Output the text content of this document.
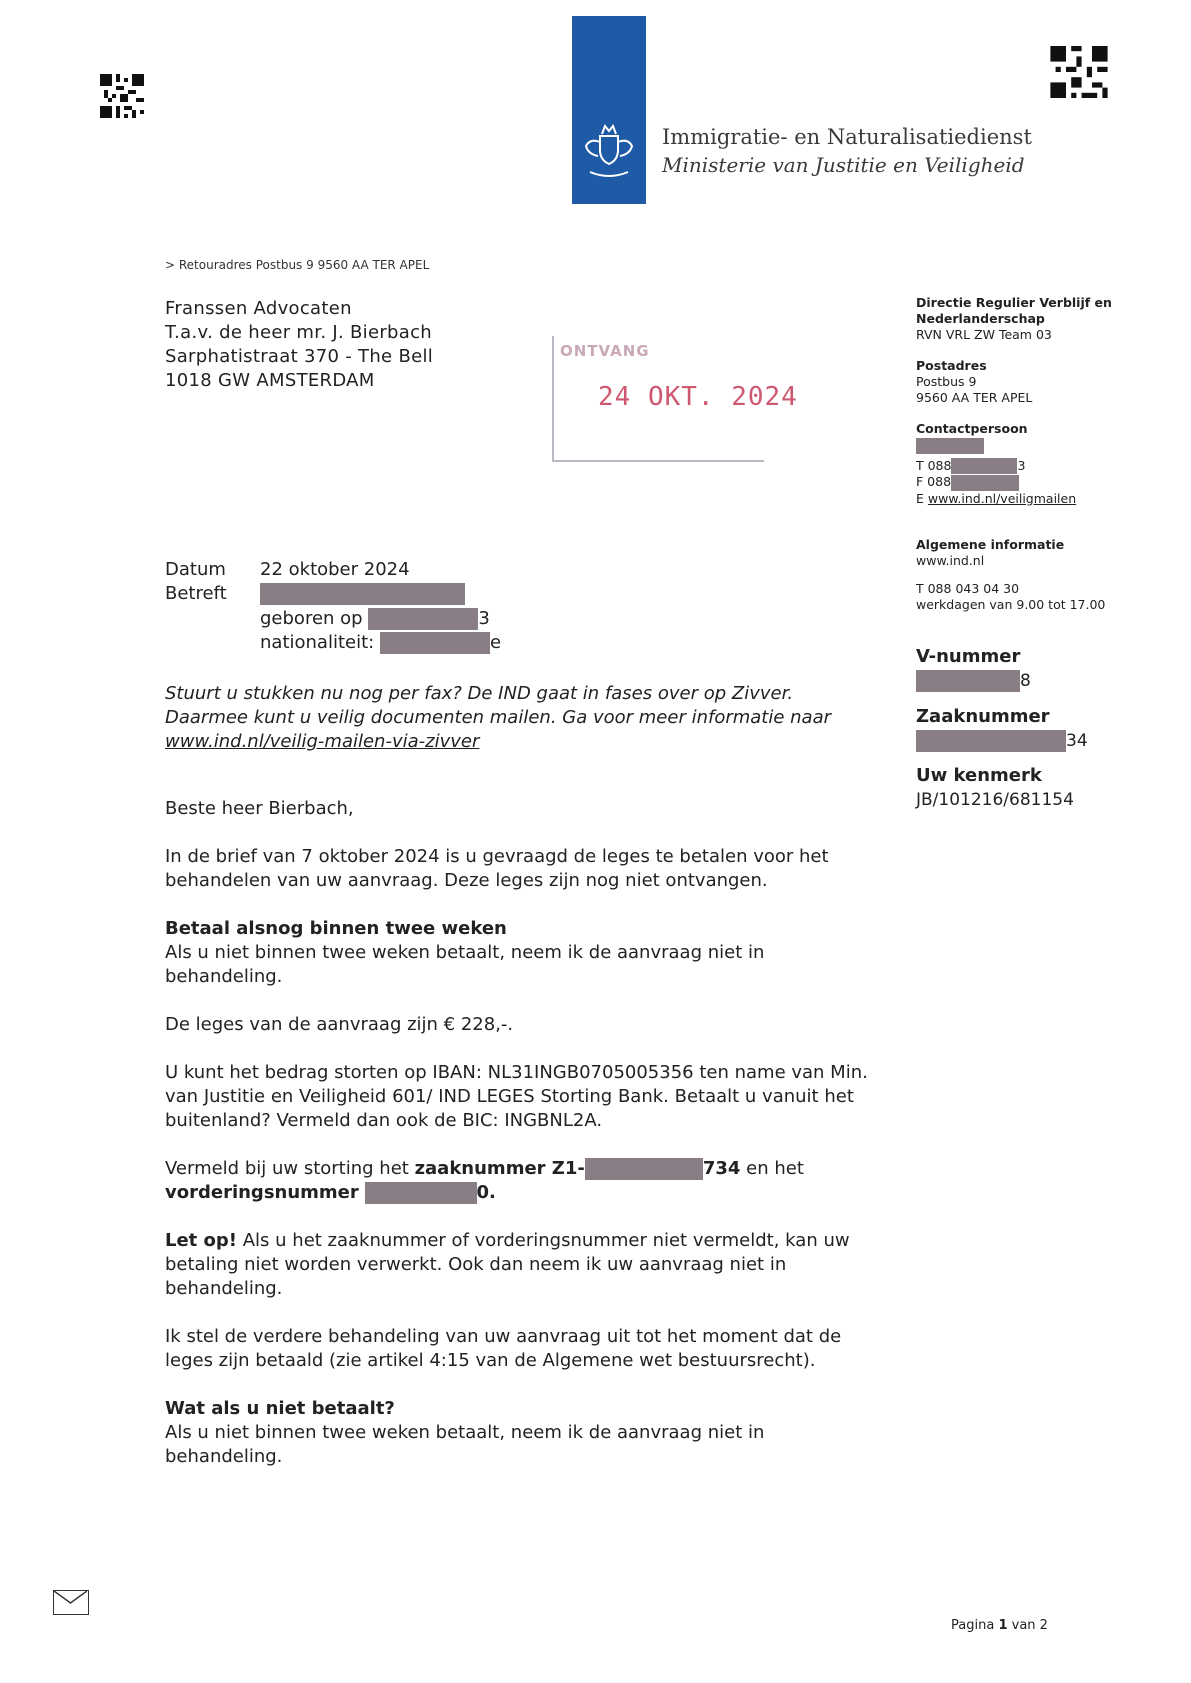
Immigratie- en Naturalisatiedienst
Ministerie van Justitie en Veiligheid
> Retouradres Postbus 9 9560 AA TER APEL
Franssen Advocaten
T.a.v. de heer mr. J. Bierbach
Sarphatistraat 370 - The Bell
1018 GW AMSTERDAM
ONTVANG
24 OKT. 2024
Directie Regulier Verblijf en
Nederlanderschap
RVN VRL ZW Team 03
Postadres
Postbus 9
9560 AA TER APEL
Contactpersoon
T 088	3
F 088
E www.ind.nl/veiligmailen
Algemene informatie
www.ind.nl
T 088 043 04 30
werkdagen van 9.00 tot 17.00
V-nummer
8
Zaaknummer
34
Uw kenmerk
JB/101216/681154
Datum 22 oktober 2024
Betreft
geboren op	3
nationaliteit:	e
Stuurt u stukken nu nog per fax? De IND gaat in fases over op Zivver.
Daarmee kunt u veilig documenten mailen. Ga voor meer informatie naar
www.ind.nl/veilig-mailen-via-zivver
Beste heer Bierbach,

In de brief van 7 oktober 2024 is u gevraagd de leges te betalen voor het

behandelen van uw aanvraag. Deze leges zijn nog niet ontvangen.

Betaal alsnog binnen twee weken

Als u niet binnen twee weken betaalt, neem ik de aanvraag niet in

behandeling.

De leges van de aanvraag zijn € 228,-.

U kunt het bedrag storten op IBAN: NL31INGB0705005356 ten name van Min.

van Justitie en Veiligheid 601/ IND LEGES Storting Bank. Betaalt u vanuit het

buitenland? Vermeld dan ook de BIC: INGBNL2A.

Vermeld bij uw storting het zaaknummer Z1-	734 en het

vorderingsnummer	0.

Let op! Als u het zaaknummer of vorderingsnummer niet vermeldt, kan uw

betaling niet worden verwerkt. Ook dan neem ik uw aanvraag niet in

behandeling.

Ik stel de verdere behandeling van uw aanvraag uit tot het moment dat de

leges zijn betaald (zie artikel 4:15 van de Algemene wet bestuursrecht).

Wat als u niet betaalt?

Als u niet binnen twee weken betaalt, neem ik de aanvraag niet in

behandeling.

Pagina 1 van 2
